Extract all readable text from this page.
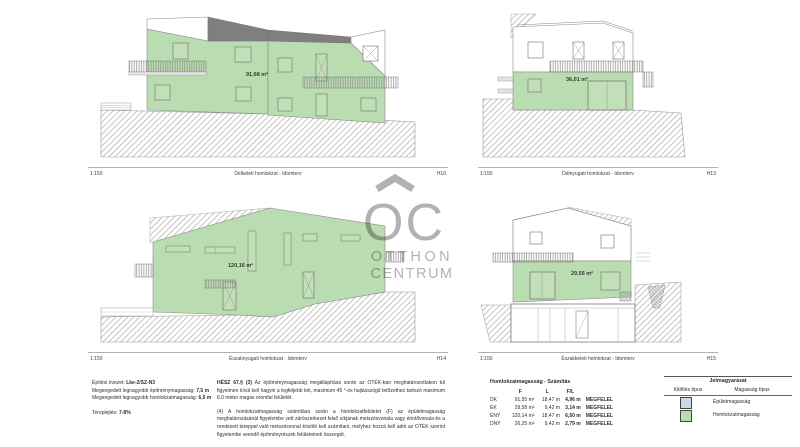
91,68 m²
1:150	Délkeleti homlokzat - Idomterv	H16
36,01 m²
1:150	Délnyugati homlokzat - Idomterv	H13
120,16 m²
1:150	Északnyugati homlokzat - Idomterv	H14
29,56 m²
1:150	Északkeleti homlokzat - Idomterv	H15
OC
OTTHON
CENTRUM
Építési övezet: Lke-2/SZ-N3
Megengedett legnagyobb építménymagasság: 7,5 m
Megengedett legnagyobb homlokzatmagasság: 6,5 m
Tereplejtés: 7-8%

HÉSZ 67.§ (3) Az építménymagasság megállapítása során az OTÉK-ban meghatározottakon túl figyelmen kívül kell hagyni a legfeljebb két, maximum 45 °-os hajlásszögű tetőzethez tartozó maximum 6,0 méter magas oromfal felületét.

(4) A homlokzatmagasság számítása során a homlokzatfelületet (F) az épületmagasság meghatározásánál figyelembe vett zárószerkezet felső síkjának metszésvonala vagy érintővonala és a rendezett tereppel való metszésvonal közötti kell számítani, melyhez hozzá kell adni az OTÉK szerint figyelembe veendő építményrészek felületeinek összegét.

Homlokzatmagasság - Számítás
F	L	F/L
DK	91,55 m²	18,47 m	4,96 m MEGFELEL
ÉK	29,58 m²	9,42 m	3,14 m MEGFELEL
ÉNY	120,14 m²	18,47 m	6,50 m MEGFELEL
DNY	26,25 m²	9,42 m	2,79 m MEGFELEL
Jelmagyarázat
Kitöltés típus	Magasság típus
Épületmagasság
Homlokzatmagasság
